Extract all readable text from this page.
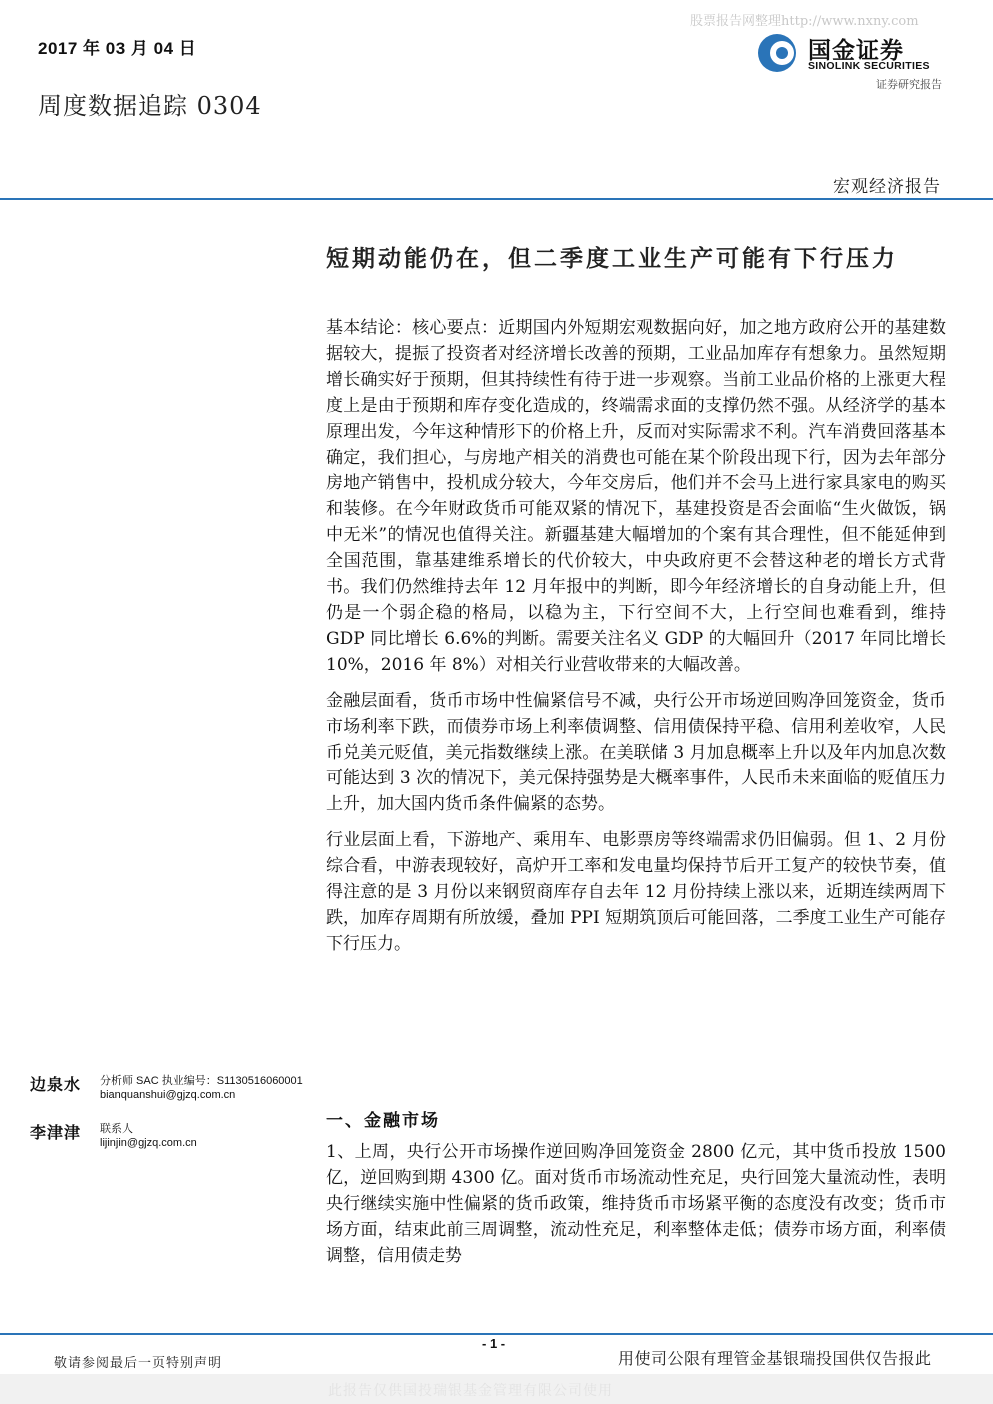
股票报告网整理http://www.nxny.com
2017 年 03 月 04 日
周度数据追踪 0304
国金证券
SINOLINK SECURITIES
证券研究报告
宏观经济报告
短期动能仍在，但二季度工业生产可能有下行压力

基本结论：核心要点：近期国内外短期宏观数据向好，加之地方政府公开的基建数据较大，提振了投资者对经济增长改善的预期，工业品加库存有想象力。虽然短期增长确实好于预期，但其持续性有待于进一步观察。当前工业品价格的上涨更大程度上是由于预期和库存变化造成的，终端需求面的支撑仍然不强。从经济学的基本原理出发，今年这种情形下的价格上升，反而对实际需求不利。汽车消费回落基本确定，我们担心，与房地产相关的消费也可能在某个阶段出现下行，因为去年部分房地产销售中，投机成分较大，今年交房后，他们并不会马上进行家具家电的购买和装修。在今年财政货币可能双紧的情况下，基建投资是否会面临“生火做饭，锅中无米”的情况也值得关注。新疆基建大幅增加的个案有其合理性，但不能延伸到全国范围，靠基建维系增长的代价较大，中央政府更不会替这种老的增长方式背书。我们仍然维持去年 12 月年报中的判断，即今年经济增长的自身动能上升，但仍是一个弱企稳的格局，以稳为主，下行空间不大，上行空间也难看到，维持 GDP 同比增长 6.6%的判断。需要关注名义 GDP 的大幅回升（2017 年同比增长 10%，2016 年 8%）对相关行业营收带来的大幅改善。

金融层面看，货币市场中性偏紧信号不减，央行公开市场逆回购净回笼资金，货币市场利率下跌，而债券市场上利率债调整、信用债保持平稳、信用利差收窄，人民币兑美元贬值，美元指数继续上涨。在美联储 3 月加息概率上升以及年内加息次数可能达到 3 次的情况下，美元保持强势是大概率事件，人民币未来面临的贬值压力上升，加大国内货币条件偏紧的态势。

行业层面上看，下游地产、乘用车、电影票房等终端需求仍旧偏弱。但 1、2 月份综合看，中游表现较好，高炉开工率和发电量均保持节后开工复产的较快节奏，值得注意的是 3 月份以来钢贸商库存自去年 12 月份持续上涨以来，近期连续两周下跌，加库存周期有所放缓，叠加 PPI 短期筑顶后可能回落，二季度工业生产可能存下行压力。

边泉水 分析师 SAC 执业编号：S1130516060001
bianquanshui@gjzq.com.cn
李津津 联系人
lijinjin@gjzq.com.cn
一、金融市场

1、上周，央行公开市场操作逆回购净回笼资金 2800 亿元，其中货币投放 1500 亿，逆回购到期 4300 亿。面对货币市场流动性充足，央行回笼大量流动性，表明央行继续实施中性偏紧的货币政策，维持货币市场紧平衡的态度没有改变；货币市场方面，结束此前三周调整，流动性充足，利率整体走低；债券市场方面，利率债调整，信用债走势

- 1 -
敬请参阅最后一页特别声明	用使司公限有理管金基银瑞投国供仅告报此
此报告仅供国投瑞银基金管理有限公司使用
